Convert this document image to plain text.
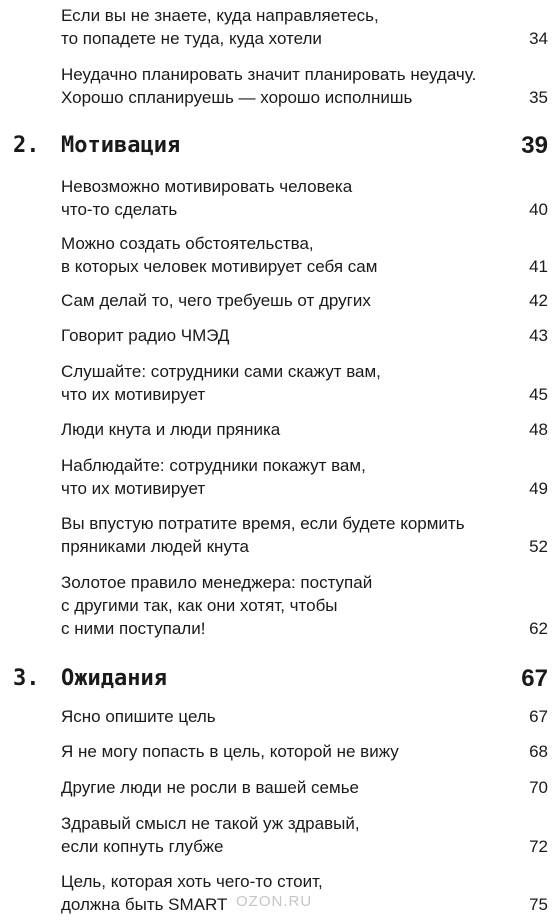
Если вы не знаете, куда направляетесь,
то попадете не туда, куда хотели	34
Неудачно планировать значит планировать неудачу.
Хорошо спланируешь — хорошо исполнишь	35
2. Мотивация	39
Невозможно мотивировать человека
что-то сделать	40
Можно создать обстоятельства,
в которых человек мотивирует себя сам	41
Сам делай то, чего требуешь от других	42
Говорит радио ЧМЭД	43
Слушайте: сотрудники сами скажут вам,
что их мотивирует	45
Люди кнута и люди пряника	48
Наблюдайте: сотрудники покажут вам,
что их мотивирует	49
Вы впустую потратите время, если будете кормить
пряниками людей кнута	52
Золотое правило менеджера: поступай
с другими так, как они хотят, чтобы
с ними поступали!	62
3. Ожидания	67
Ясно опишите цель	67
Я не могу попасть в цель, которой не вижу	68
Другие люди не росли в вашей семье	70
Здравый смысл не такой уж здравый,
если копнуть глубже	72
Цель, которая хоть чего-то стоит,
должна быть SMART	75
OZON.RU
